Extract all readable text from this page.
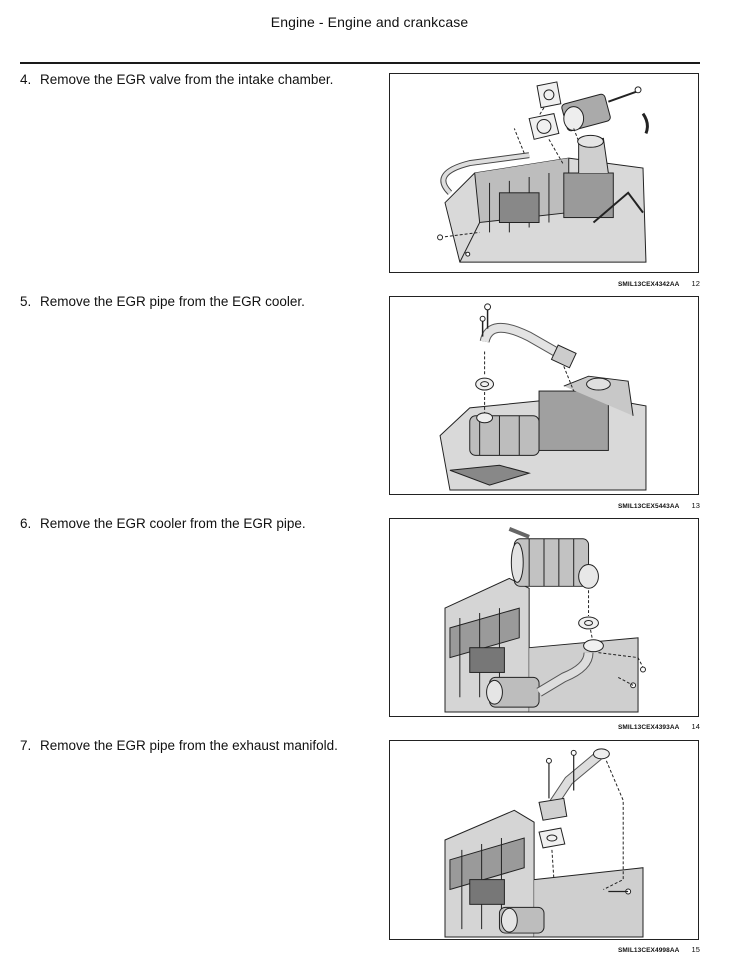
Engine - Engine and crankcase
4. Remove the EGR valve from the intake chamber.
SMIL13CEX4342AA 12
5. Remove the EGR pipe from the EGR cooler.
SMIL13CEX5443AA 13
6. Remove the EGR cooler from the EGR pipe.
SMIL13CEX4393AA 14
7. Remove the EGR pipe from the exhaust manifold.
SMIL13CEX4998AA 15
